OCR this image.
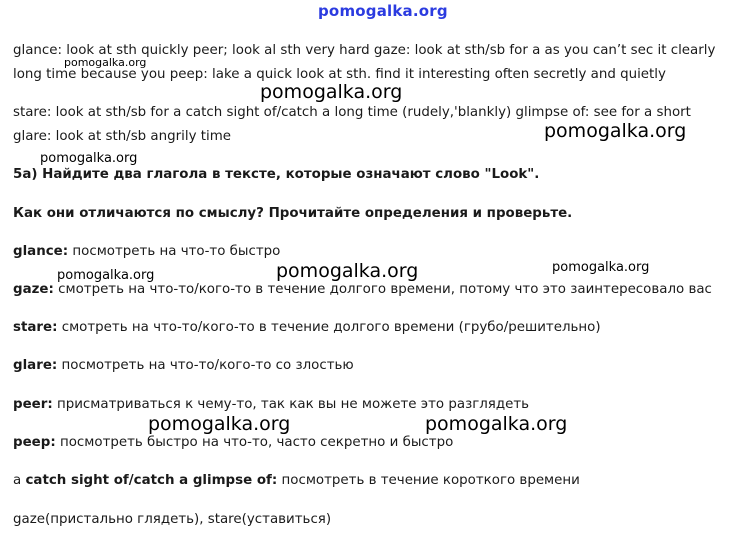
pomogalka.org
glance: look at sth quickly peer; look al sth very hard gaze: look at sth/sb for a as you can’t sec it clearly
long time because you peep: lake a quick look at sth. find it interesting often secretly and quietly
stare: look at sth/sb for a catch sight of/catch a long time (rudely,'blankly) glimpse of: see for a short
glare: look at sth/sb angrily time
5a) Найдите два глагола в тексте, которые означают слово "Look".
Как они отличаются по смыслу? Прочитайте определения и проверьте.
glance: посмотреть на что-то быстро
gaze: смотреть на что-то/кого-то в течение долгого времени, потому что это заинтересовало вас
stare: смотреть на что-то/кого-то в течение долгого времени (грубо/решительно)
glare: посмотреть на что-то/кого-то со злостью
peer: присматриваться к чему-то, так как вы не можете это разглядеть
peep: посмотреть быстро на что-то, часто секретно и быстро
a catch sight of/catch a glimpse of: посмотреть в течение короткого времени
gaze(пристально глядеть), stare(уставиться)
pomogalka.org
pomogalka.org
pomogalka.org
pomogalka.org
pomogalka.org	pomogalka.org
pomogalka.org
pomogalka.org	pomogalka.org
